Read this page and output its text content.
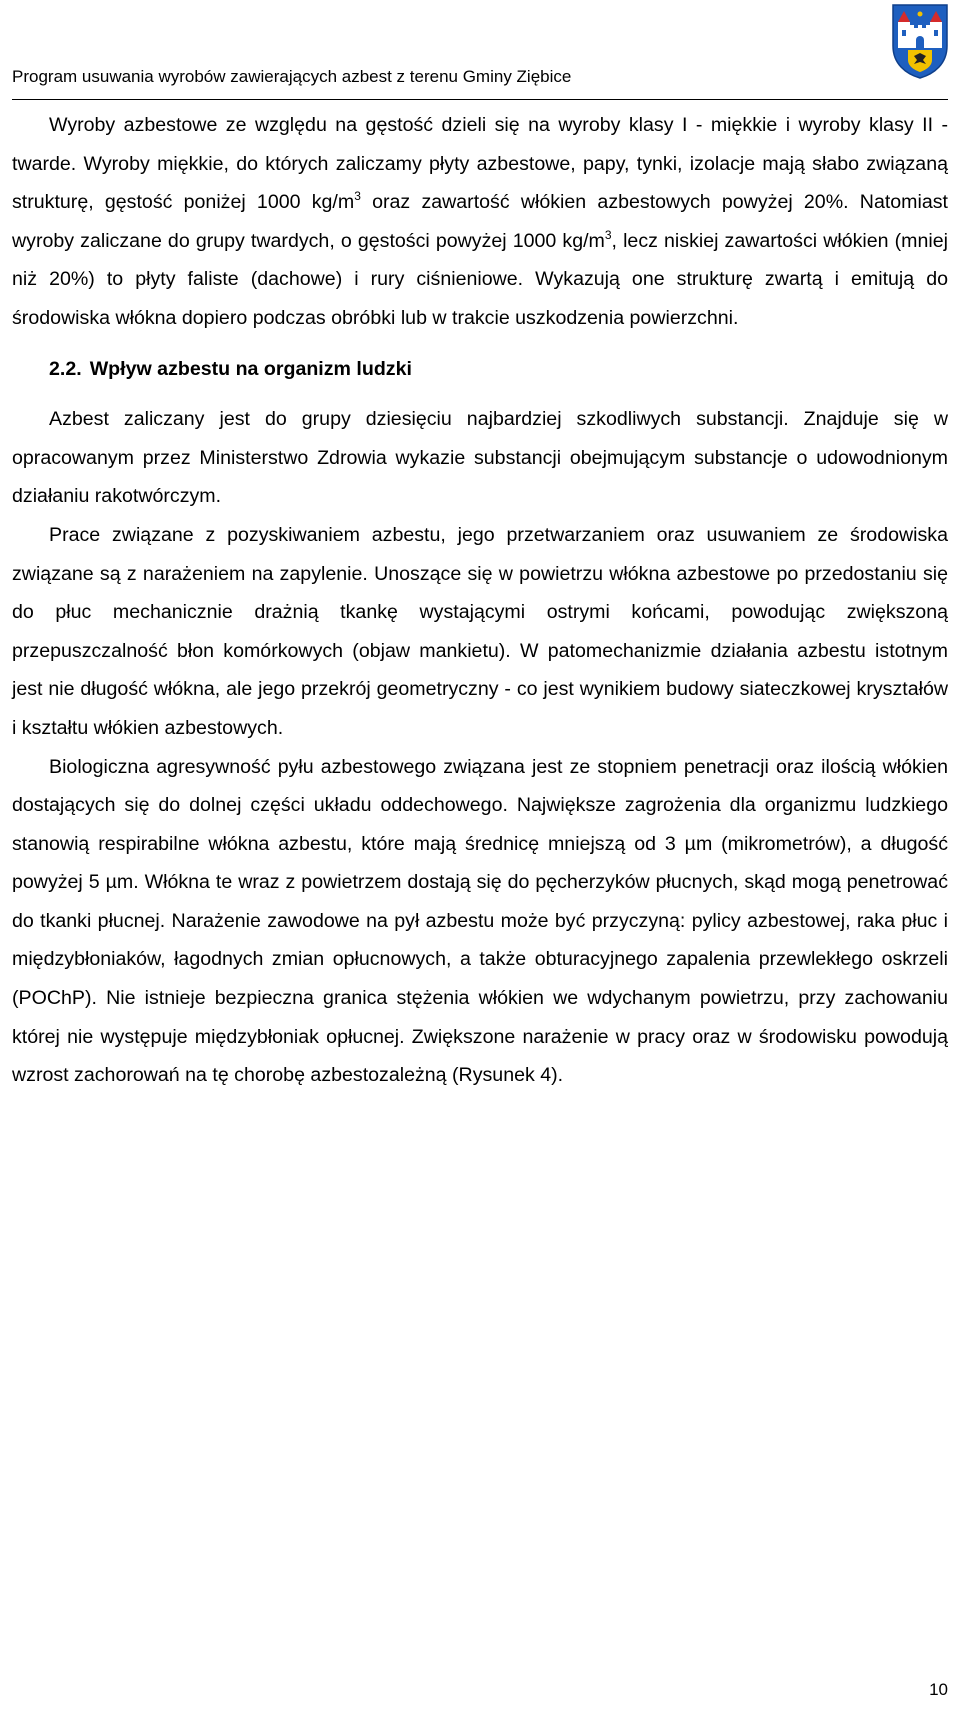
Program usuwania wyrobów zawierających azbest z terenu Gminy Ziębice

Wyroby azbestowe ze względu na gęstość dzieli się na wyroby klasy I - miękkie i wyroby klasy II - twarde. Wyroby miękkie, do których zaliczamy płyty azbestowe, papy, tynki, izolacje mają słabo związaną strukturę, gęstość poniżej 1000 $kg/m^3$ oraz zawartość włókien azbestowych powyżej 20%. Natomiast wyroby zaliczane do grupy twardych, o gęstości powyżej 1000 $kg/m^3$, lecz niskiej zawartości włókien (mniej niż 20%) to płyty faliste (dachowe) i rury ciśnieniowe. Wykazują one strukturę zwartą i emitują do środowiska włókna dopiero podczas obróbki lub w trakcie uszkodzenia powierzchni.

2.2. Wpływ azbestu na organizm ludzki

Azbest zaliczany jest do grupy dziesięciu najbardziej szkodliwych substancji. Znajduje się w opracowanym przez Ministerstwo Zdrowia wykazie substancji obejmującym substancje o udowodnionym działaniu rakotwórczym.

Prace związane z pozyskiwaniem azbestu, jego przetwarzaniem oraz usuwaniem ze środowiska związane są z narażeniem na zapylenie. Unoszące się w powietrzu włókna azbestowe po przedostaniu się do płuc mechanicznie drażnią tkankę wystającymi ostrymi końcami, powodując zwiększoną przepuszczalność błon komórkowych (objaw mankietu). W patomechanizmie działania azbestu istotnym jest nie długość włókna, ale jego przekrój geometryczny - co jest wynikiem budowy siateczkowej kryształów i kształtu włókien azbestowych.

Biologiczna agresywność pyłu azbestowego związana jest ze stopniem penetracji oraz ilością włókien dostających się do dolnej części układu oddechowego. Największe zagrożenia dla organizmu ludzkiego stanowią respirabilne włókna azbestu, które mają średnicę mniejszą od 3 µm (mikrometrów), a długość powyżej 5 µm. Włókna te wraz z powietrzem dostają się do pęcherzyków płucnych, skąd mogą penetrować do tkanki płucnej. Narażenie zawodowe na pył azbestu może być przyczyną: pylicy azbestowej, raka płuc i międzybłoniaków, łagodnych zmian opłucnowych, a także obturacyjnego zapalenia przewlekłego oskrzeli (POChP). Nie istnieje bezpieczna granica stężenia włókien we wdychanym powietrzu, przy zachowaniu której nie występuje międzybłoniak opłucnej. Zwiększone narażenie w pracy oraz w środowisku powodują wzrost zachorowań na tę chorobę azbestozależną (Rysunek 4).

10
